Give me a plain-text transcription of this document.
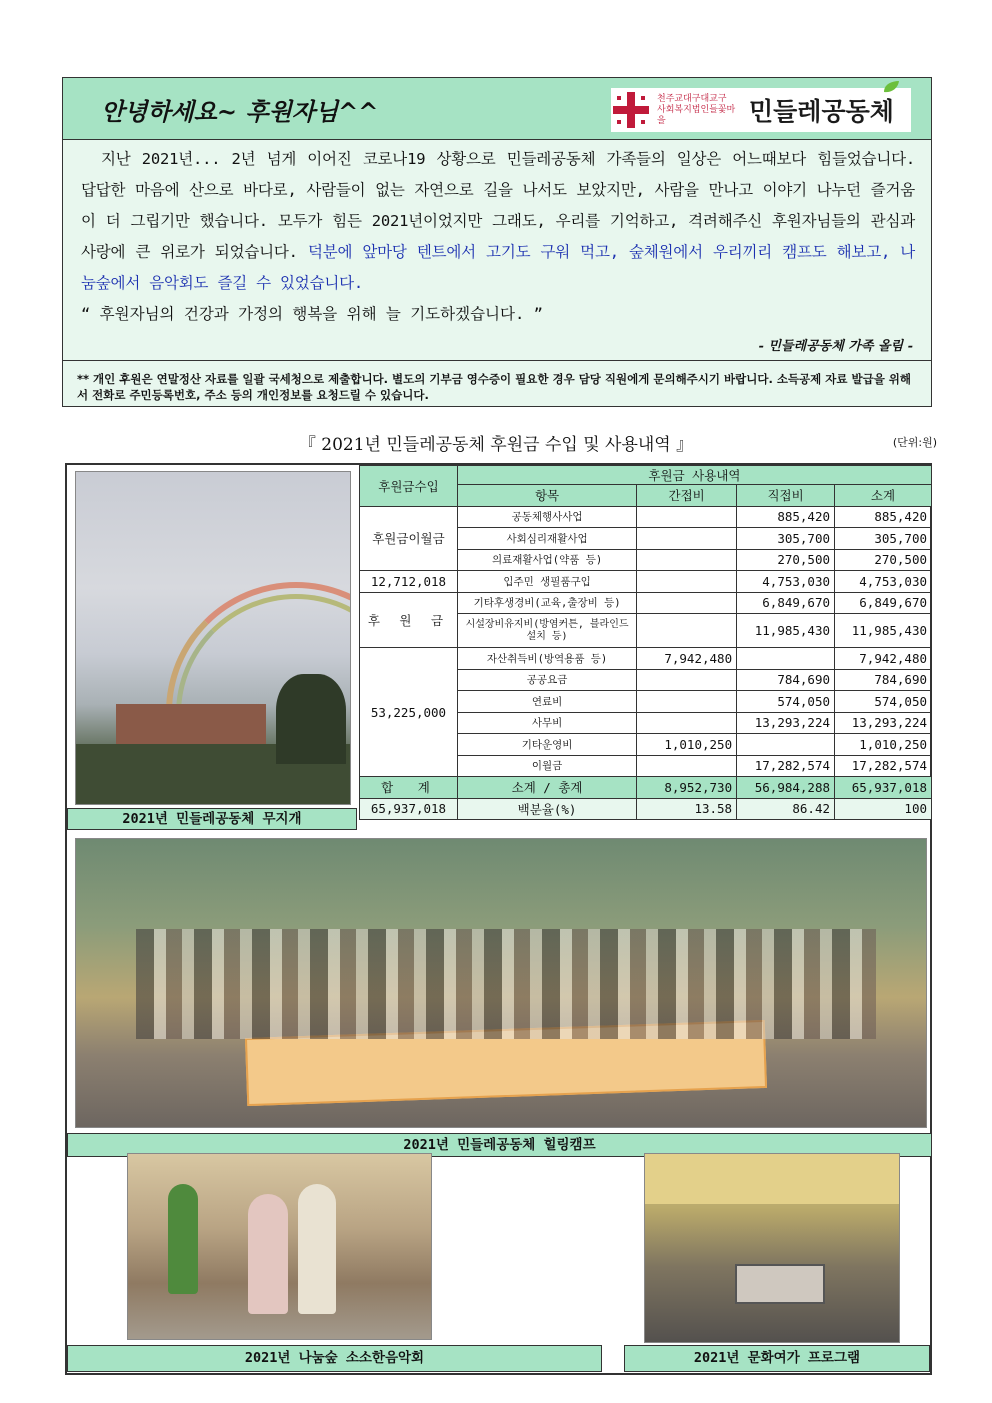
안녕하세요~ 후원자님^^	천주교대구대교구
사회복지법인들꽃마을	민들레공동체
지난 2021년... 2년 넘게 이어진 코로나19 상황으로 민들레공동체 가족들의 일상은 어느때보다 힘들었습니다. 답답한 마음에 산으로 바다로, 사람들이 없는 자연으로 길을 나서도 보았지만, 사람을 만나고 이야기 나누던 즐거움이 더 그립기만 했습니다. 모두가 힘든 2021년이었지만 그래도, 우리를 기억하고, 격려해주신 후원자님들의 관심과 사랑에 큰 위로가 되었습니다. 덕분에 앞마당 텐트에서 고기도 구워 먹고, 숲체원에서 우리끼리 캠프도 해보고, 나눔숲에서 음악회도 즐길 수 있었습니다.
“ 후원자님의 건강과 가정의 행복을 위해 늘 기도하겠습니다. ”
- 민들레공동체 가족 올림 -
** 개인 후원은 연말정산 자료를 일괄 국세청으로 제출합니다. 별도의 기부금 영수증이 필요한 경우 담당 직원에게 문의해주시기 바랍니다. 소득공제 자료 발급을 위해서 전화로 주민등록번호, 주소 등의 개인정보를 요청드릴 수 있습니다.
『 2021년 민들레공동체 후원금 수입 및 사용내역 』	(단위:원)
2021년 민들레공동체 무지개
후원금수입	후원금 사용내역			
	항목	간접비	직접비	소계
후원금이월금	공동체행사사업		885,420	885,420
	사회심리재활사업		305,700	305,700
	의료재활사업(약품 등)		270,500	270,500
12,712,018	입주민 생필품구입		4,753,030	4,753,030
후 원 금	기타후생경비(교육,출장비 등)		6,849,670	6,849,670
	시설장비유지비(방염커튼, 블라인드 설치 등)		11,985,430	11,985,430
53,225,000	자산취득비(방역용품 등)	7,942,480		7,942,480
	공공요금		784,690	784,690
	연료비		574,050	574,050
	사무비		13,293,224	13,293,224
	기타운영비	1,010,250		1,010,250
	이월금		17,282,574	17,282,574
합　계	소계 / 총계	8,952,730	56,984,288	65,937,018
65,937,018	백분율(%)	13.58	86.42	100
2021년 민들레공동체 힐링캠프
2021년 나눔숲 소소한음악회	2021년 문화여가 프로그램
